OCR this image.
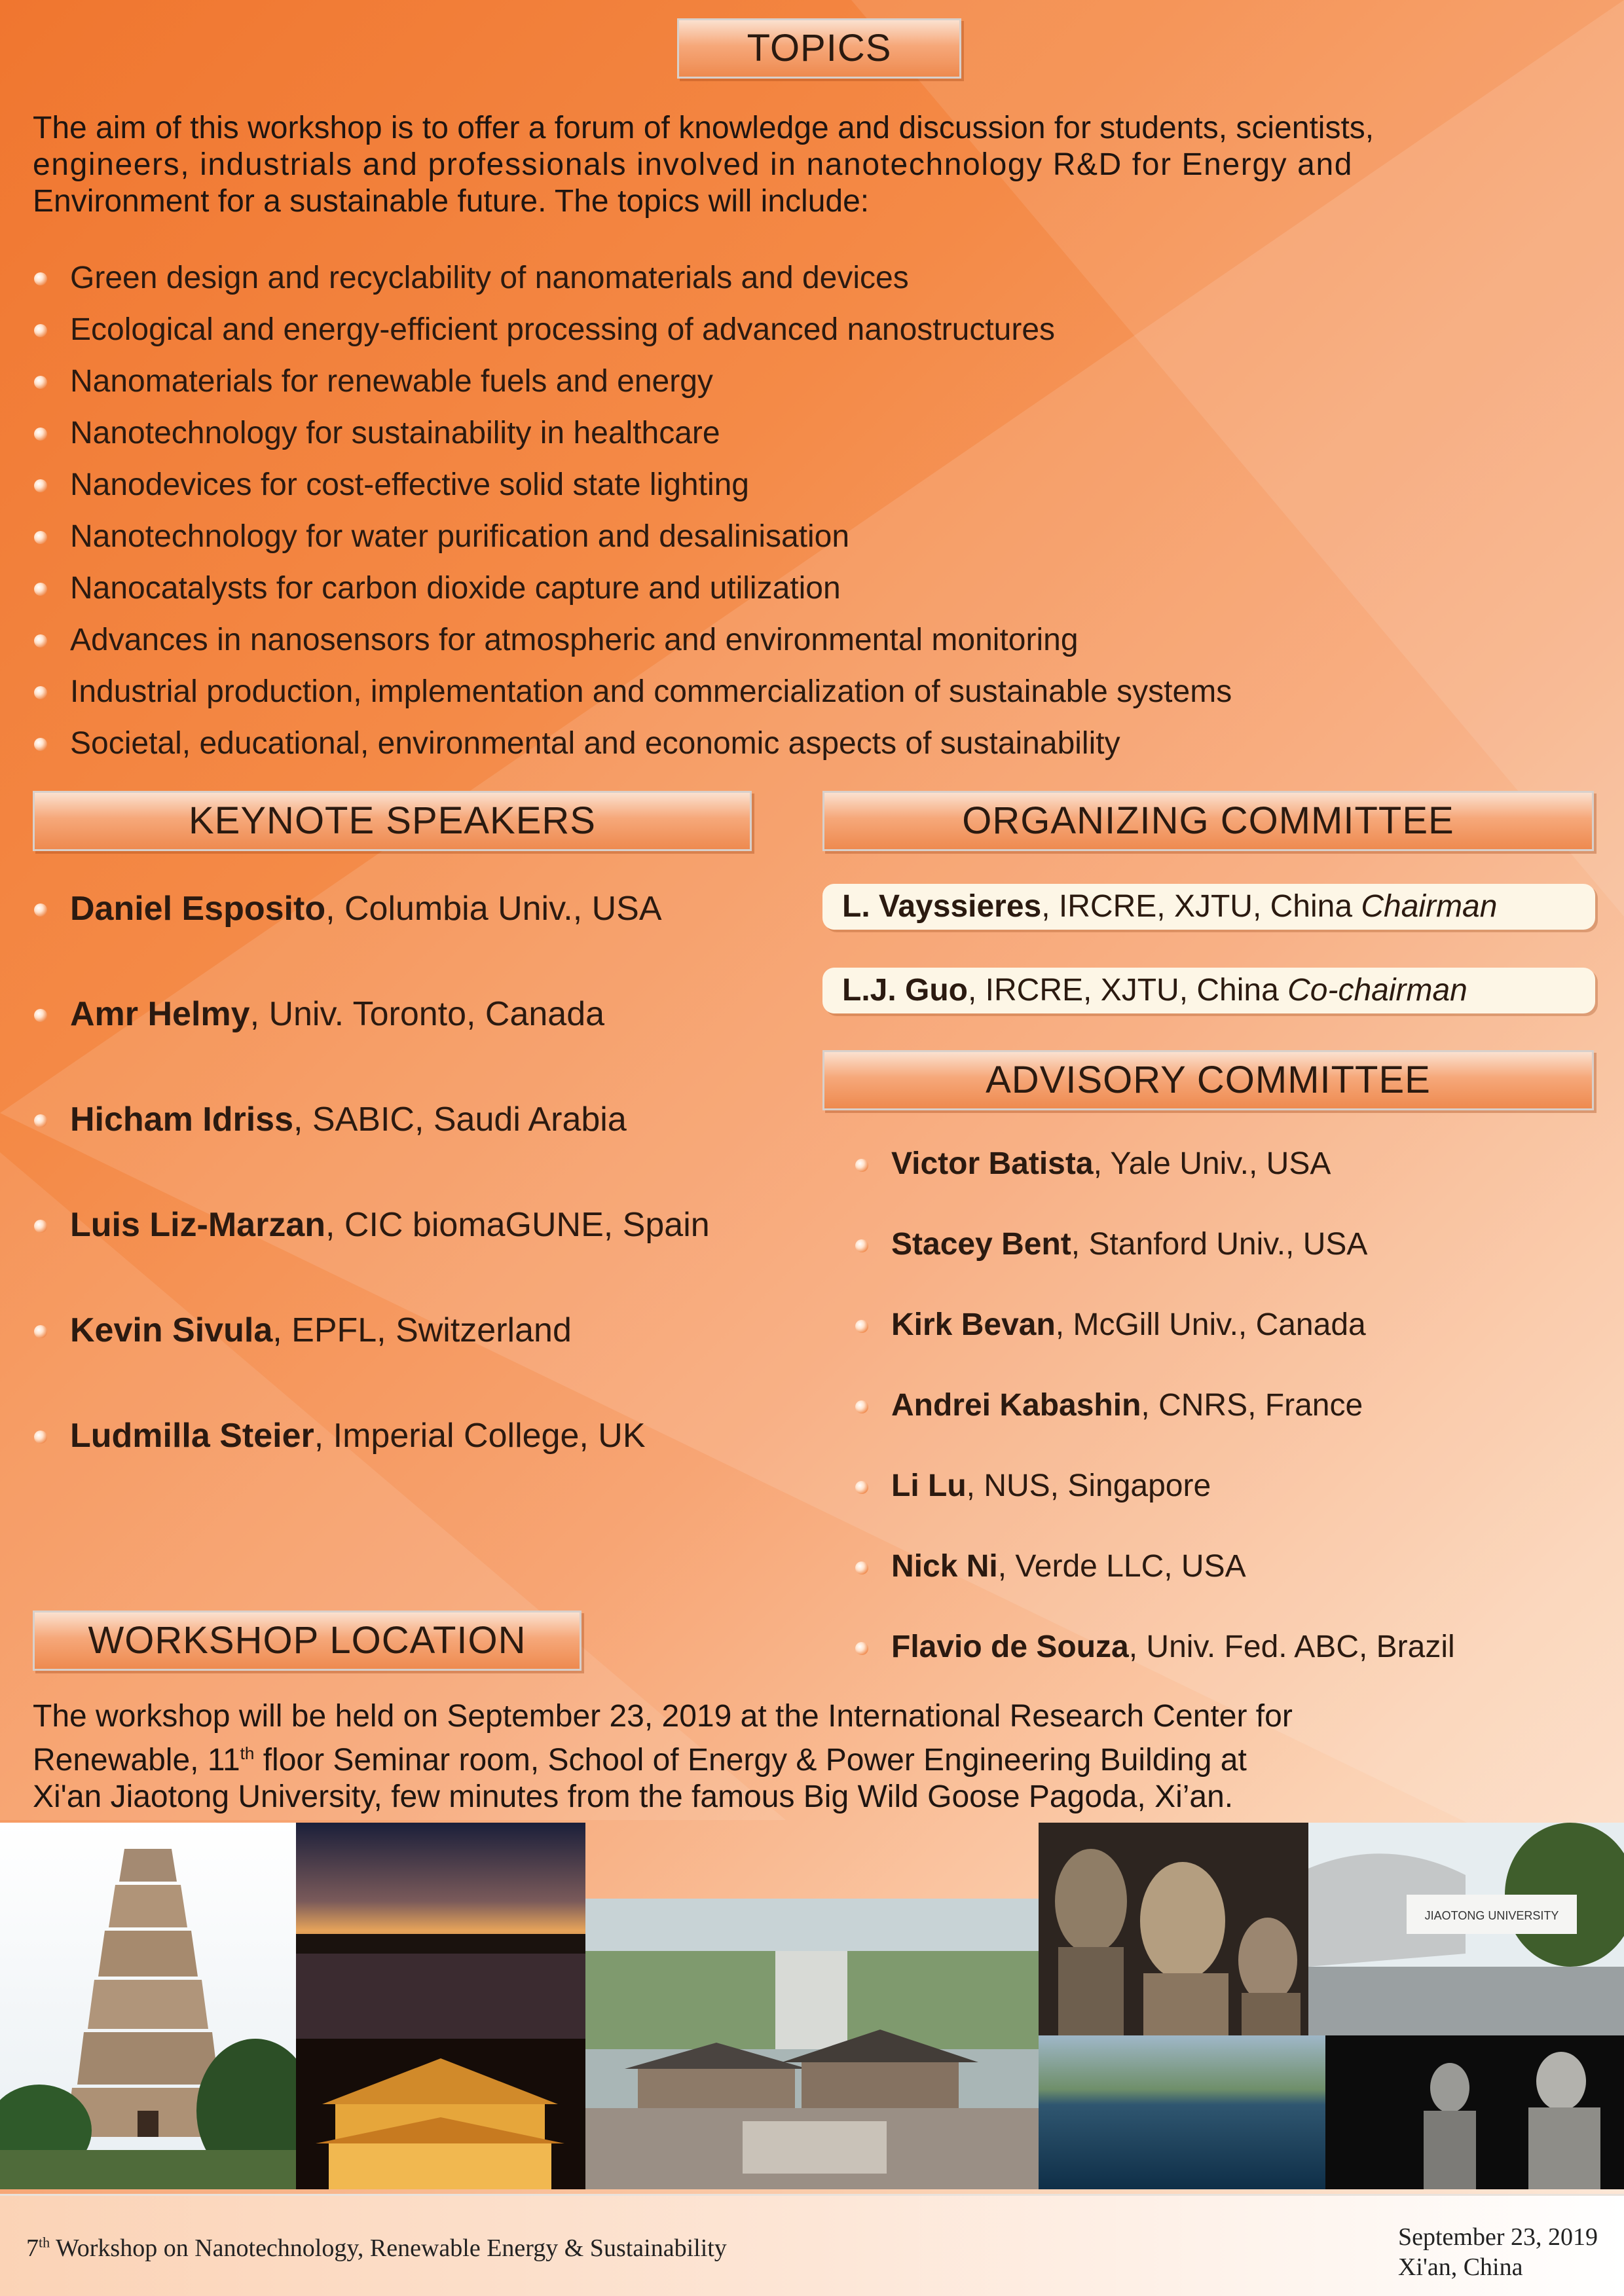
TOPICS
The aim of this workshop is to offer a forum of knowledge and discussion for students, scientists,
engineers, industrials and professionals involved in nanotechnology R&D for Energy and
Environment for a sustainable future. The topics will include:
Green design and recyclability of nanomaterials and devices
Ecological and energy-efficient processing of advanced nanostructures
Nanomaterials for renewable fuels and energy
Nanotechnology for sustainability in healthcare
Nanodevices for cost-effective solid state lighting
Nanotechnology for water purification and desalinisation
Nanocatalysts for carbon dioxide capture and utilization
Advances in nanosensors for atmospheric and environmental monitoring
Industrial production, implementation and commercialization of sustainable systems
Societal, educational, environmental and economic aspects of sustainability
KEYNOTE SPEAKERS
Daniel Esposito, Columbia Univ., USA
Amr Helmy, Univ. Toronto, Canada
Hicham Idriss, SABIC, Saudi Arabia
Luis Liz-Marzan, CIC biomaGUNE, Spain
Kevin Sivula, EPFL, Switzerland
Ludmilla Steier, Imperial College, UK
ORGANIZING COMMITTEE
L. Vayssieres, IRCRE, XJTU, China Chairman
L.J. Guo, IRCRE, XJTU, China Co-chairman
ADVISORY COMMITTEE
Victor Batista, Yale Univ., USA
Stacey Bent, Stanford Univ., USA
Kirk Bevan, McGill Univ., Canada
Andrei Kabashin, CNRS, France
Li Lu, NUS, Singapore
Nick Ni, Verde LLC, USA
Flavio de Souza, Univ. Fed. ABC, Brazil
WORKSHOP LOCATION
The workshop will be held on September 23, 2019 at the International Research Center for
Renewable, 11th floor Seminar room, School of Energy & Power Engineering Building at
Xi'an Jiaotong University, few minutes from the famous Big Wild Goose Pagoda, Xi’an.
JIAOTONG UNIVERSITY
7th Workshop on Nanotechnology, Renewable Energy & Sustainability	September 23, 2019
Xi'an, China
